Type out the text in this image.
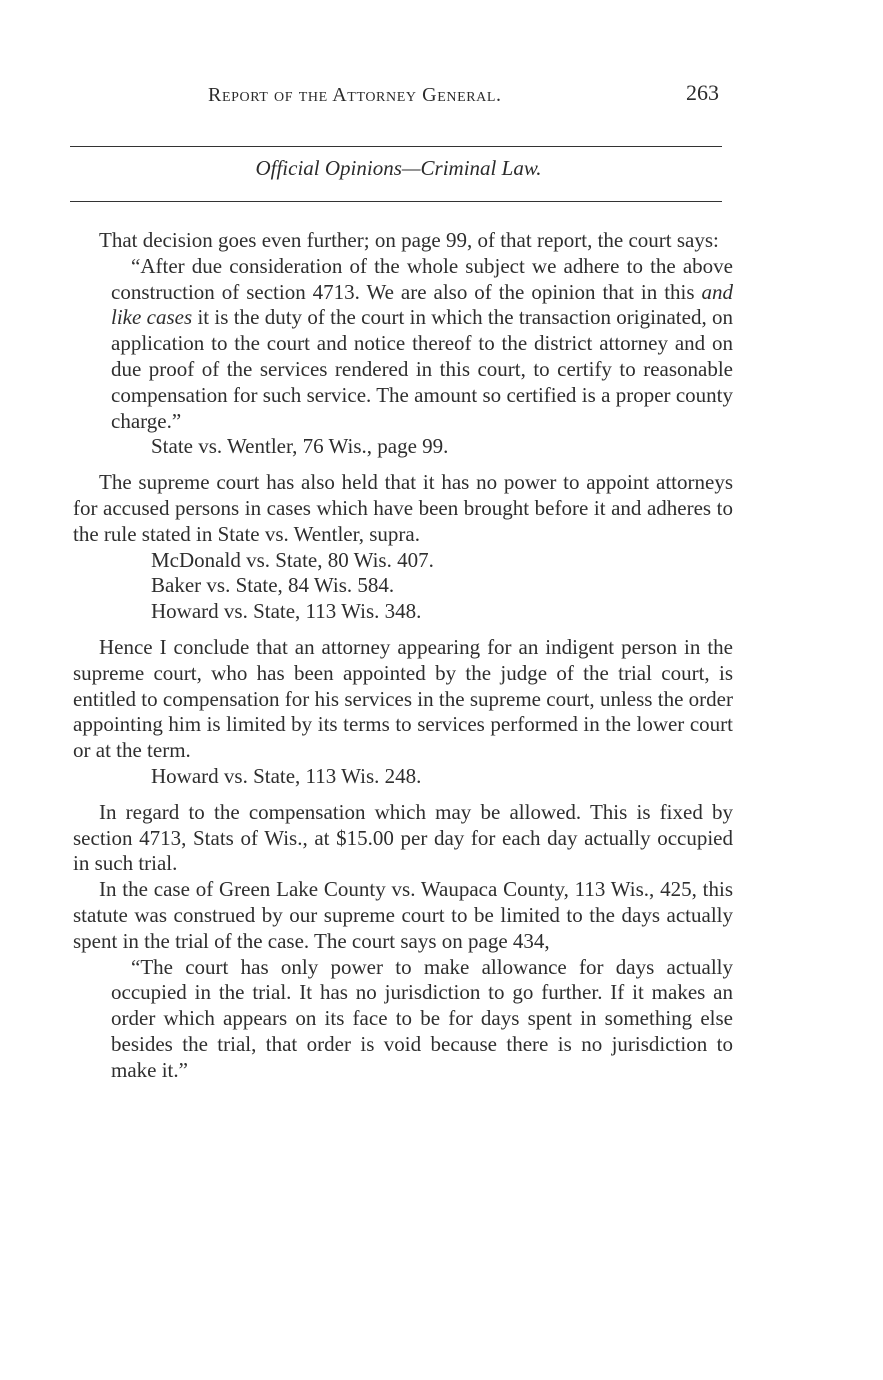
Report of the Attorney General.	263
Official Opinions—Criminal Law.

That decision goes even further; on page 99, of that report, the court says:

“After due consideration of the whole subject we adhere to the above construction of section 4713. We are also of the opinion that in this and like cases it is the duty of the court in which the transaction originated, on application to the court and notice thereof to the district attorney and on due proof of the services rendered in this court, to certify to reasonable compensation for such service. The amount so certified is a proper county charge.”

State vs. Wentler, 76 Wis., page 99.

The supreme court has also held that it has no power to appoint attorneys for accused persons in cases which have been brought before it and adheres to the rule stated in State vs. Wentler, supra.

McDonald vs. State, 80 Wis. 407.

Baker vs. State, 84 Wis. 584.

Howard vs. State, 113 Wis. 348.

Hence I conclude that an attorney appearing for an indigent person in the supreme court, who has been appointed by the judge of the trial court, is entitled to compensation for his services in the supreme court, unless the order appointing him is limited by its terms to services performed in the lower court or at the term.

Howard vs. State, 113 Wis. 248.

In regard to the compensation which may be allowed. This is fixed by section 4713, Stats of Wis., at $15.00 per day for each day actually occupied in such trial.

In the case of Green Lake County vs. Waupaca County, 113 Wis., 425, this statute was construed by our supreme court to be limited to the days actually spent in the trial of the case. The court says on page 434,

“The court has only power to make allowance for days actually occupied in the trial. It has no jurisdiction to go further. If it makes an order which appears on its face to be for days spent in something else besides the trial, that order is void because there is no jurisdiction to make it.”
